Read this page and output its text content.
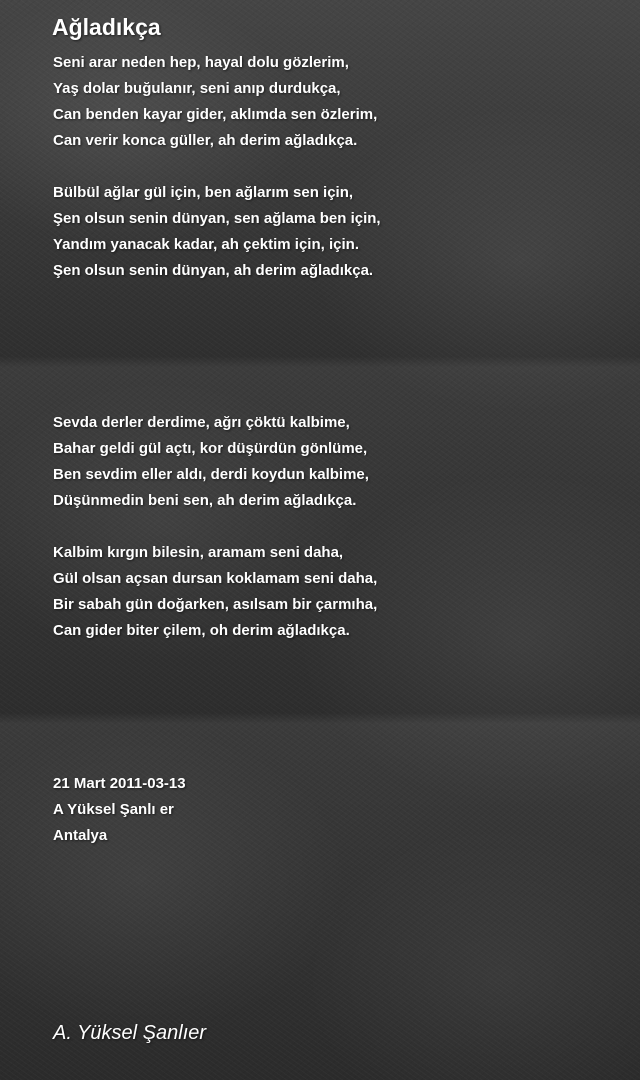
Ağladıkça
Seni arar neden hep, hayal dolu gözlerim,
Yaş dolar buğulanır, seni anıp durdukça,
Can benden kayar gider, aklımda sen özlerim,
Can verir konca güller, ah derim ağladıkça.
Bülbül ağlar gül için, ben ağlarım sen için,
Şen olsun senin dünyan, sen ağlama ben için,
Yandım yanacak kadar, ah çektim için, için.
Şen olsun senin dünyan, ah derim ağladıkça.
Sevda derler derdime, ağrı çöktü kalbime,
Bahar geldi gül açtı, kor düşürdün gönlüme,
Ben sevdim eller aldı, derdi koydun kalbime,
Düşünmedin beni sen, ah derim ağladıkça.
Kalbim kırgın bilesin, aramam seni daha,
Gül olsan açsan dursan koklamam seni daha,
Bir sabah gün doğarken, asılsam bir çarmıha,
Can gider biter çilem, oh derim ağladıkça.
21 Mart 2011-03-13
A Yüksel Şanlı er
Antalya
A. Yüksel Şanlıer
